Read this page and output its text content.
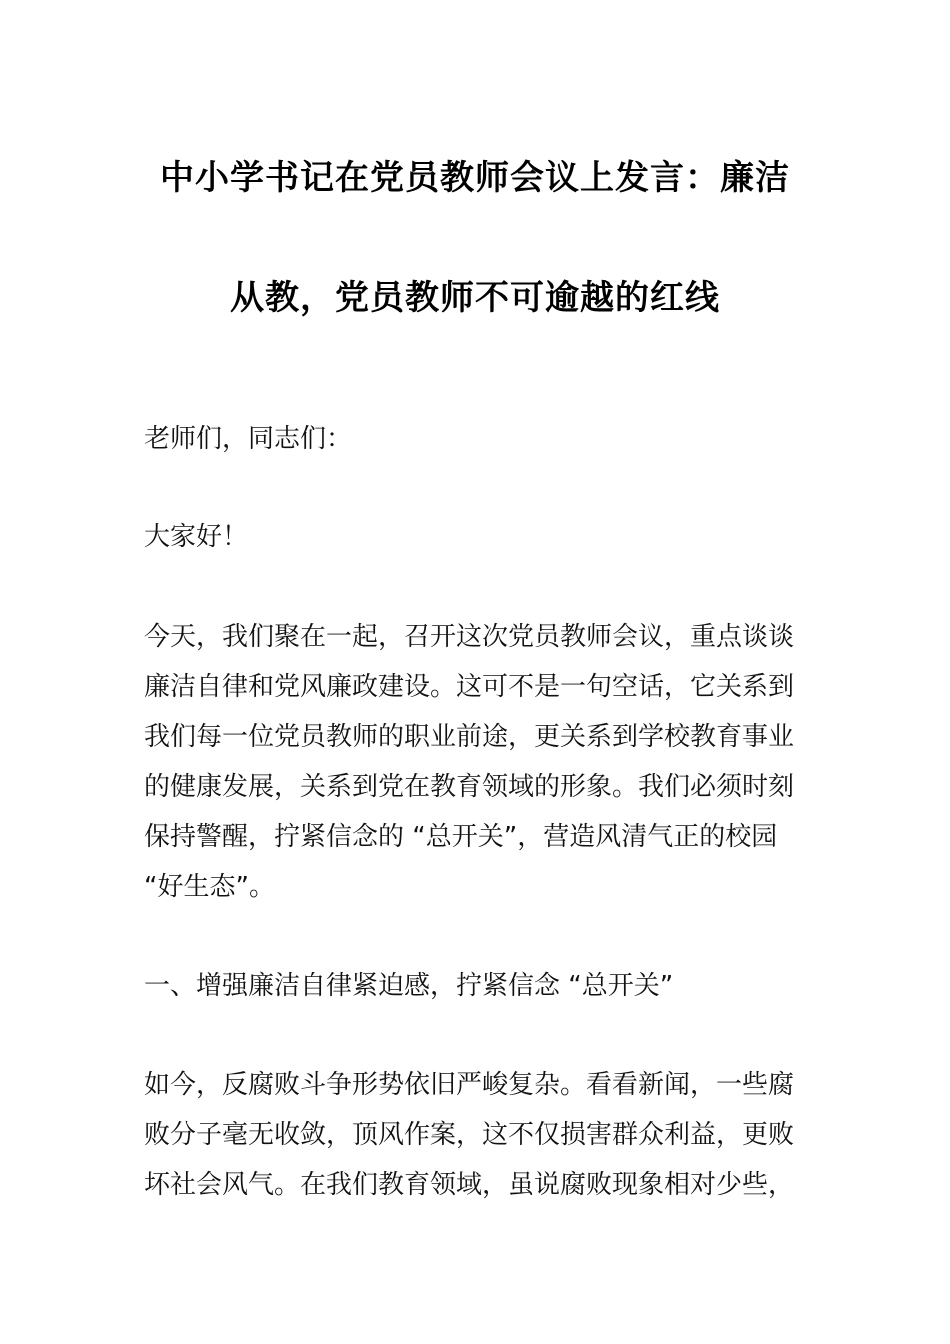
中小学书记在党员教师会议上发言：廉洁
从教，党员教师不可逾越的红线
老师们，同志们：
大家好！
今天，我们聚在一起，召开这次党员教师会议，重点谈谈
廉洁自律和党风廉政建设。这可不是一句空话，它关系到
我们每一位党员教师的职业前途，更关系到学校教育事业
的健康发展，关系到党在教育领域的形象。我们必须时刻
保持警醒，拧紧信念的 “总开关”，营造风清气正的校园
“好生态”。
一、增强廉洁自律紧迫感，拧紧信念 “总开关”
如今，反腐败斗争形势依旧严峻复杂。看看新闻，一些腐
败分子毫无收敛，顶风作案，这不仅损害群众利益，更败
坏社会风气。在我们教育领域，虽说腐败现象相对少些，
